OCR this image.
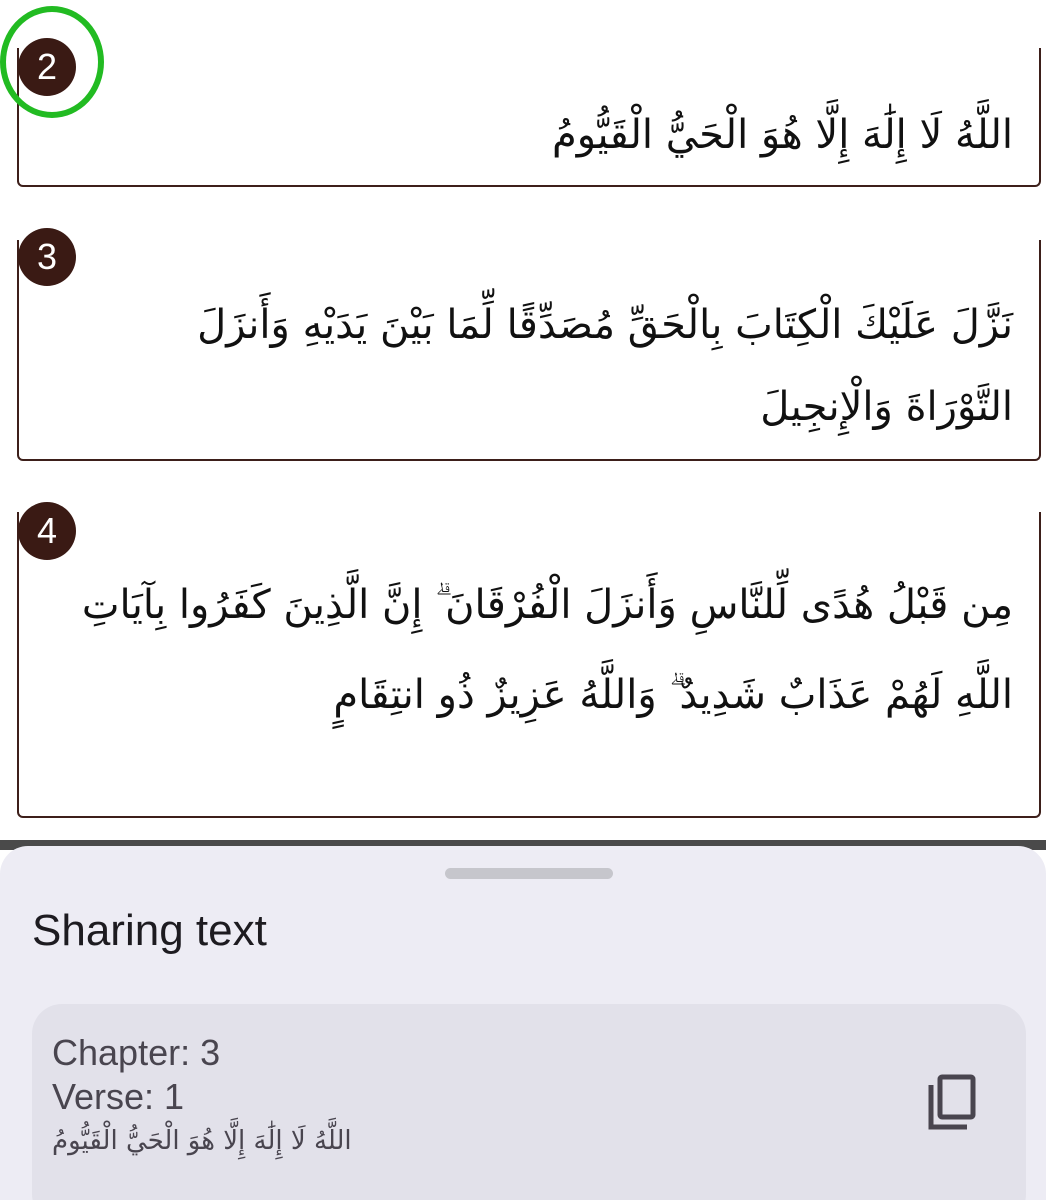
اللَّهُ لَا إِلَٰهَ إِلَّا هُوَ الْحَيُّ الْقَيُّومُ
2
نَزَّلَ عَلَيْكَ الْكِتَابَ بِالْحَقِّ مُصَدِّقًا لِّمَا بَيْنَ يَدَيْهِ وَأَنزَلَ التَّوْرَاةَ وَالْإِنجِيلَ
3
مِن قَبْلُ هُدًى لِّلنَّاسِ وَأَنزَلَ الْفُرْقَانَ ۗ إِنَّ الَّذِينَ كَفَرُوا بِآيَاتِ اللَّهِ لَهُمْ عَذَابٌ شَدِيدٌ ۗ وَاللَّهُ عَزِيزٌ ذُو انتِقَامٍ
4
Sharing text
Chapter: 3
Verse: 1
اللَّهُ لَا إِلَٰهَ إِلَّا هُوَ الْحَيُّ الْقَيُّومُ
